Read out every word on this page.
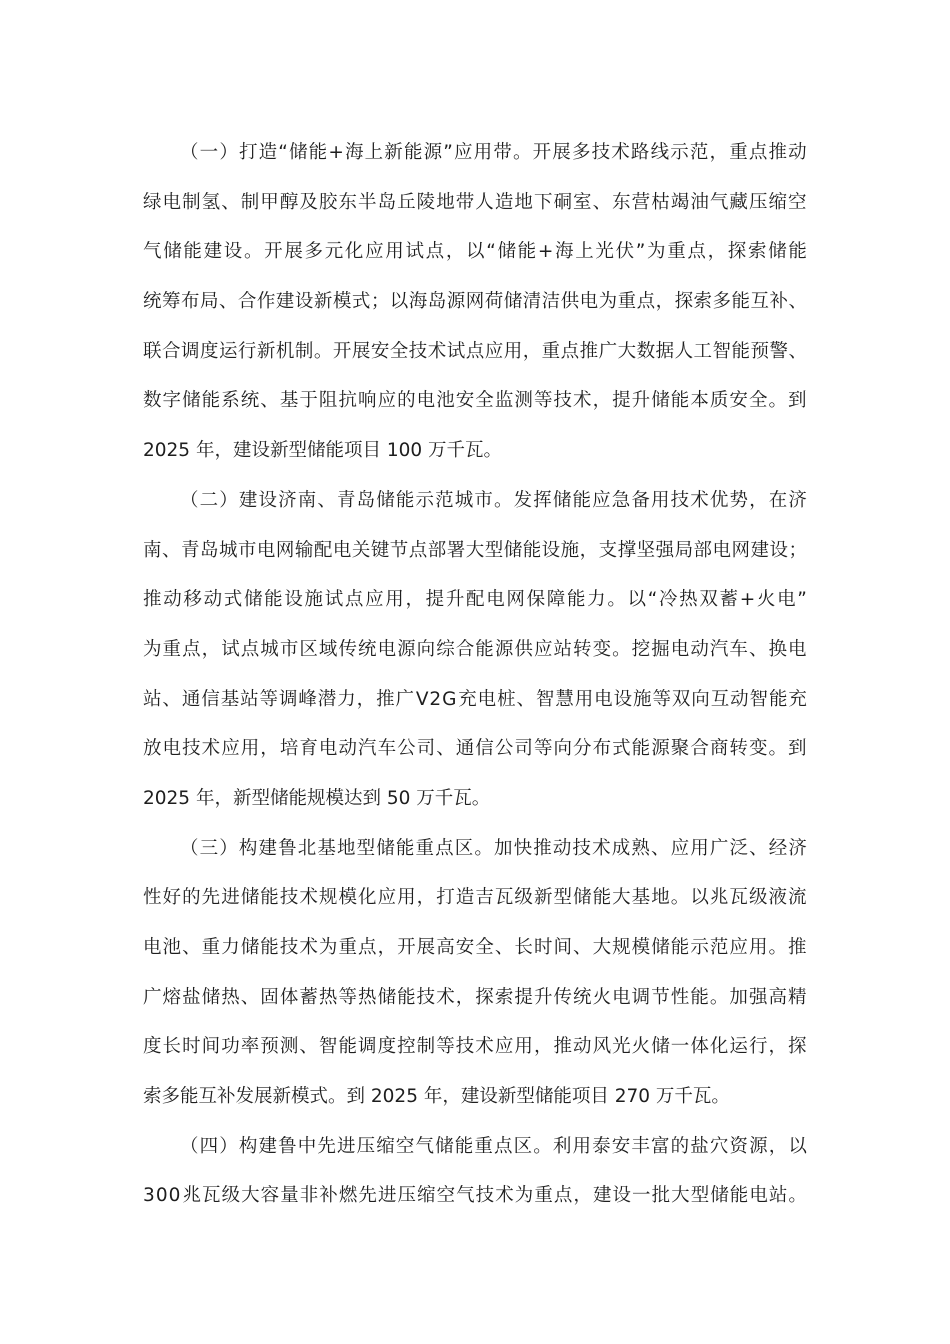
（ 一 ） 打 造 “ 储 能 + 海 上 新 能 源 ” 应 用 带 。 开 展 多 技 术 路 线 示 范 ， 重 点 推 动
绿 电 制 氢 、 制 甲 醇 及 胶 东 半 岛 丘 陵 地 带 人 造 地 下 硐 室 、 东 营 枯 竭 油 气 藏 压 缩 空
气 储 能 建 设 。 开 展 多 元 化 应 用 试 点 ， 以 “ 储 能 + 海 上 光 伏 ” 为 重 点 ， 探 索 储 能
统 筹 布 局 、 合 作 建 设 新 模 式 ； 以 海 岛 源 网 荷 储 清 洁 供 电 为 重 点 ， 探 索 多 能 互 补 、
联 合 调 度 运 行 新 机 制 。 开 展 安 全 技 术 试 点 应 用 ， 重 点 推 广 大 数 据 人 工 智 能 预 警 、
数 字 储 能 系 统 、 基 于 阻 抗 响 应 的 电 池 安 全 监 测 等 技 术 ， 提 升 储 能 本 质 安 全 。 到
2025 年，建设新型储能项目 100 万千瓦。
（ 二 ） 建 设 济 南 、 青 岛 储 能 示 范 城 市 。 发 挥 储 能 应 急 备 用 技 术 优 势 ， 在 济
南 、 青 岛 城 市 电 网 输 配 电 关 键 节 点 部 署 大 型 储 能 设 施 ， 支 撑 坚 强 局 部 电 网 建 设 ；
推 动 移 动 式 储 能 设 施 试 点 应 用 ， 提 升 配 电 网 保 障 能 力 。 以 “ 冷 热 双 蓄 + 火 电 ”
为 重 点 ， 试 点 城 市 区 域 传 统 电 源 向 综 合 能 源 供 应 站 转 变 。 挖 掘 电 动 汽 车 、 换 电
站 、 通 信 基 站 等 调 峰 潜 力 ， 推 广 V 2 G 充 电 桩 、 智 慧 用 电 设 施 等 双 向 互 动 智 能 充
放 电 技 术 应 用 ， 培 育 电 动 汽 车 公 司 、 通 信 公 司 等 向 分 布 式 能 源 聚 合 商 转 变 。 到
2025 年，新型储能规模达到 50 万千瓦。
（ 三 ） 构 建 鲁 北 基 地 型 储 能 重 点 区 。 加 快 推 动 技 术 成 熟 、 应 用 广 泛 、 经 济
性 好 的 先 进 储 能 技 术 规 模 化 应 用 ， 打 造 吉 瓦 级 新 型 储 能 大 基 地 。 以 兆 瓦 级 液 流
电 池 、 重 力 储 能 技 术 为 重 点 ， 开 展 高 安 全 、 长 时 间 、 大 规 模 储 能 示 范 应 用 。 推
广 熔 盐 储 热 、 固 体 蓄 热 等 热 储 能 技 术 ， 探 索 提 升 传 统 火 电 调 节 性 能 。 加 强 高 精
度 长 时 间 功 率 预 测 、 智 能 调 度 控 制 等 技 术 应 用 ， 推 动 风 光 火 储 一 体 化 运 行 ， 探
索多能互补发展新模式。到 2025 年，建设新型储能项目 270 万千瓦。
（ 四 ） 构 建 鲁 中 先 进 压 缩 空 气 储 能 重 点 区 。 利 用 泰 安 丰 富 的 盐 穴 资 源 ， 以
3 0 0 兆 瓦 级 大 容 量 非 补 燃 先 进 压 缩 空 气 技 术 为 重 点 ， 建 设 一 批 大 型 储 能 电 站 。
